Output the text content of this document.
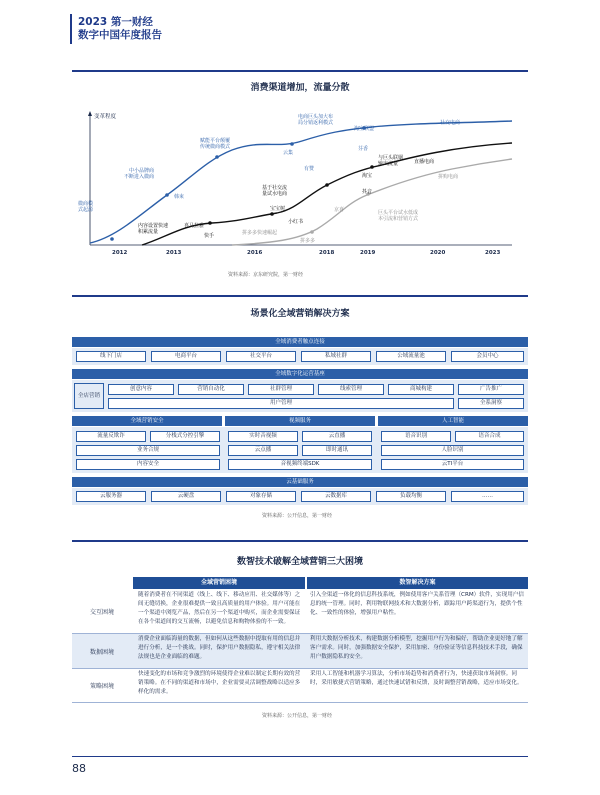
2023 第一财经
数字中国年度报告
消费渠道增加，流量分散
变革程度
2012	2013	2016	2018	2019	2020	2023
微商模
式起源
中小品牌商
不断进入微商
韩束
赋能平台颠覆
传统微商模式
云集
有赞
电商巨头加大布
局分销返利模式
淘宝联盟
芬香
社交电商
内容设置快速
积累流量
喜马拉雅
快手
基于社交流
量试水电商
宝宝树
小红书
与巨头联姻
输出流量
淘宝
抖音
直播电商
拼多多快速崛起
拼多多
京喜	巨头平台试水低成
本引流和营销方式
拼购电商
资料来源：京东研究院，第一财经
场景化全域营销解决方案
全域消费者触点连接
线下门店	电商平台	社交平台	私域社群	公域流量池	会员中心
全域数字化运营基座
全店营销
创意内容	营销自动化	社群管理	线索管理	商城构建	广告推广
用户管理	全系洞察
全域营销安全	视频服务	人工智能
流量反欺诈	分栈式分控引擎
业务合规
内容安全
实时音视频	云直播
云点播	即时通讯
音视频终端SDK
语音识别	语音合成
人脸识别
云TI平台
云基础服务
云服务器	云硬盘	对象存储	云数据库	负载均衡	……
资料来源：公开信息，第一财经
数智技术破解全域营销三大困境
全域营销困境	数智解决方案
交互困境
随着消费者在不同渠道（线上、线下、移动应用、社交媒体等）之间无缝切换，企业很难提供一致且高质量的用户体验。用户可能在一个渠道中浏览产品，然后在另一个渠道中购买，而企业需要保证在各个渠道间的交互流畅，以避免信息和购物体验的不一致。
引入全渠道一体化的信息科技系统，例如使用客户关系管理（CRM）软件，实现用户信息的统一管理。同时，利用物联网技术和大数据分析，跟踪用户跨渠道行为，提供个性化、一致性的体验，增强用户粘性。
数据困境
消费企业面临海量的数据，但如何从这些数据中提取有用的信息并进行分析，是一个挑战。同时，保护用户数据隐私，遵守相关法律法规也是企业面临的难题。
利用大数据分析技术，构建数据分析模型，挖掘用户行为和偏好，帮助企业更好地了解客户需求。同时，加强数据安全保护，采用加密、身份验证等信息科技技术手段，确保用户数据隐私的安全。
策略困境
快速变化的市场和竞争激烈的环境使得企业难以制定长期有效的营销策略。在不同的渠道和市场中，企业需要灵活调整战略以适应多样化的需求。
采用人工智能和机器学习算法，分析市场趋势和消费者行为，快速获取市场洞察。同时，采用敏捷式营销策略，通过快速试错和反馈，及时调整营销战略，适应市场变化。
资料来源：公开信息，第一财经
88
